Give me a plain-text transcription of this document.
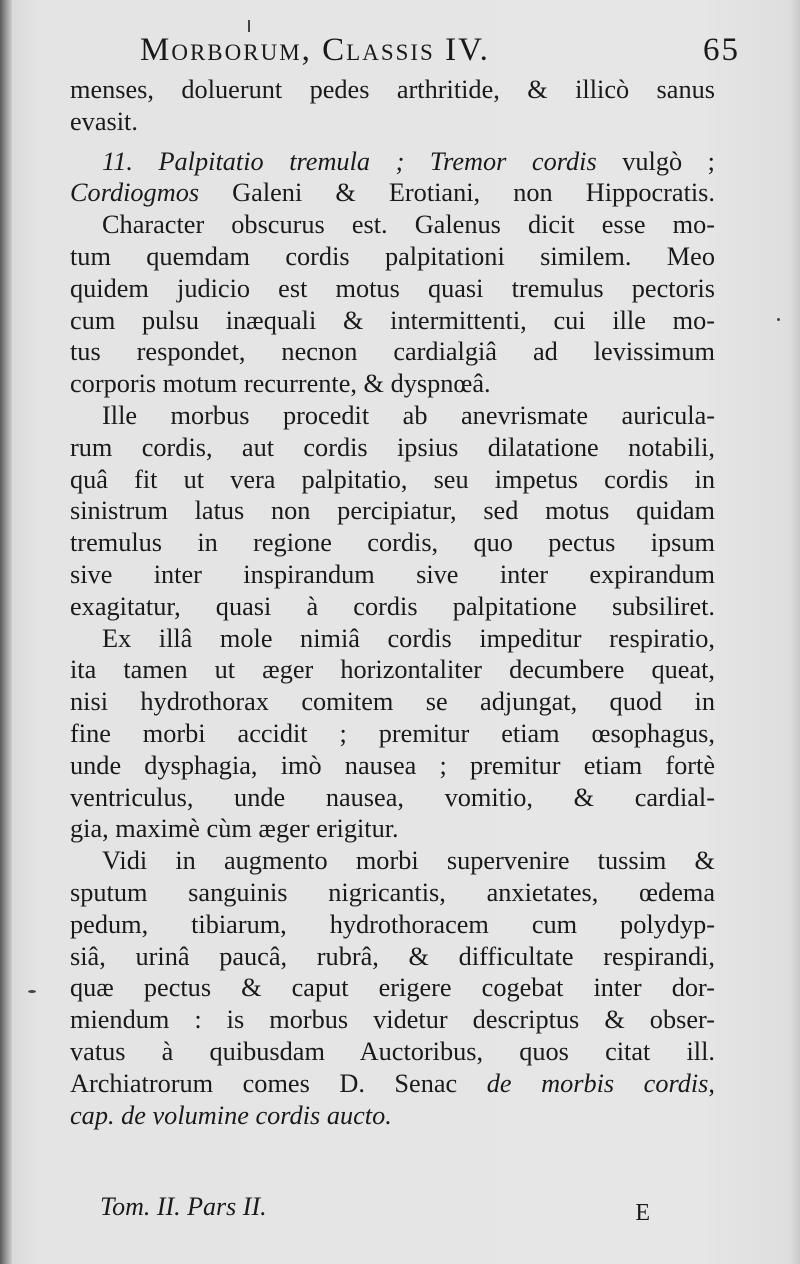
Morborum, Classis IV.	65
menses, doluerunt pedes arthritide, & illicò sanus
evasit.
11. Palpitatio tremula ; Tremor cordis vulgò ;
Cordiogmos Galeni & Erotiani, non Hippocratis.
Character obscurus est. Galenus dicit esse mo-
tum quemdam cordis palpitationi similem. Meo
quidem judicio est motus quasi tremulus pectoris
cum pulsu inæquali & intermittenti, cui ille mo-
tus respondet, necnon cardialgiâ ad levissimum
corporis motum recurrente, & dyspnœâ.
Ille morbus procedit ab anevrismate auricula-
rum cordis, aut cordis ipsius dilatatione notabili,
quâ fit ut vera palpitatio, seu impetus cordis in
sinistrum latus non percipiatur, sed motus quidam
tremulus in regione cordis, quo pectus ipsum
sive inter inspirandum sive inter expirandum
exagitatur, quasi à cordis palpitatione subsiliret.
Ex illâ mole nimiâ cordis impeditur respiratio,
ita tamen ut æger horizontaliter decumbere queat,
nisi hydrothorax comitem se adjungat, quod in
fine morbi accidit ; premitur etiam œsophagus,
unde dysphagia, imò nausea ; premitur etiam fortè
ventriculus, unde nausea, vomitio, & cardial-
gia, maximè cùm æger erigitur.
Vidi in augmento morbi supervenire tussim &
sputum sanguinis nigricantis, anxietates, œdema
pedum, tibiarum, hydrothoracem cum polydyp-
siâ, urinâ paucâ, rubrâ, & difficultate respirandi,
quæ pectus & caput erigere cogebat inter dor-
miendum : is morbus videtur descriptus & obser-
vatus à quibusdam Auctoribus, quos citat ill.
Archiatrorum comes D. Senac de morbis cordis,
cap. de volumine cordis aucto.
Tom. II. Pars II.	E
